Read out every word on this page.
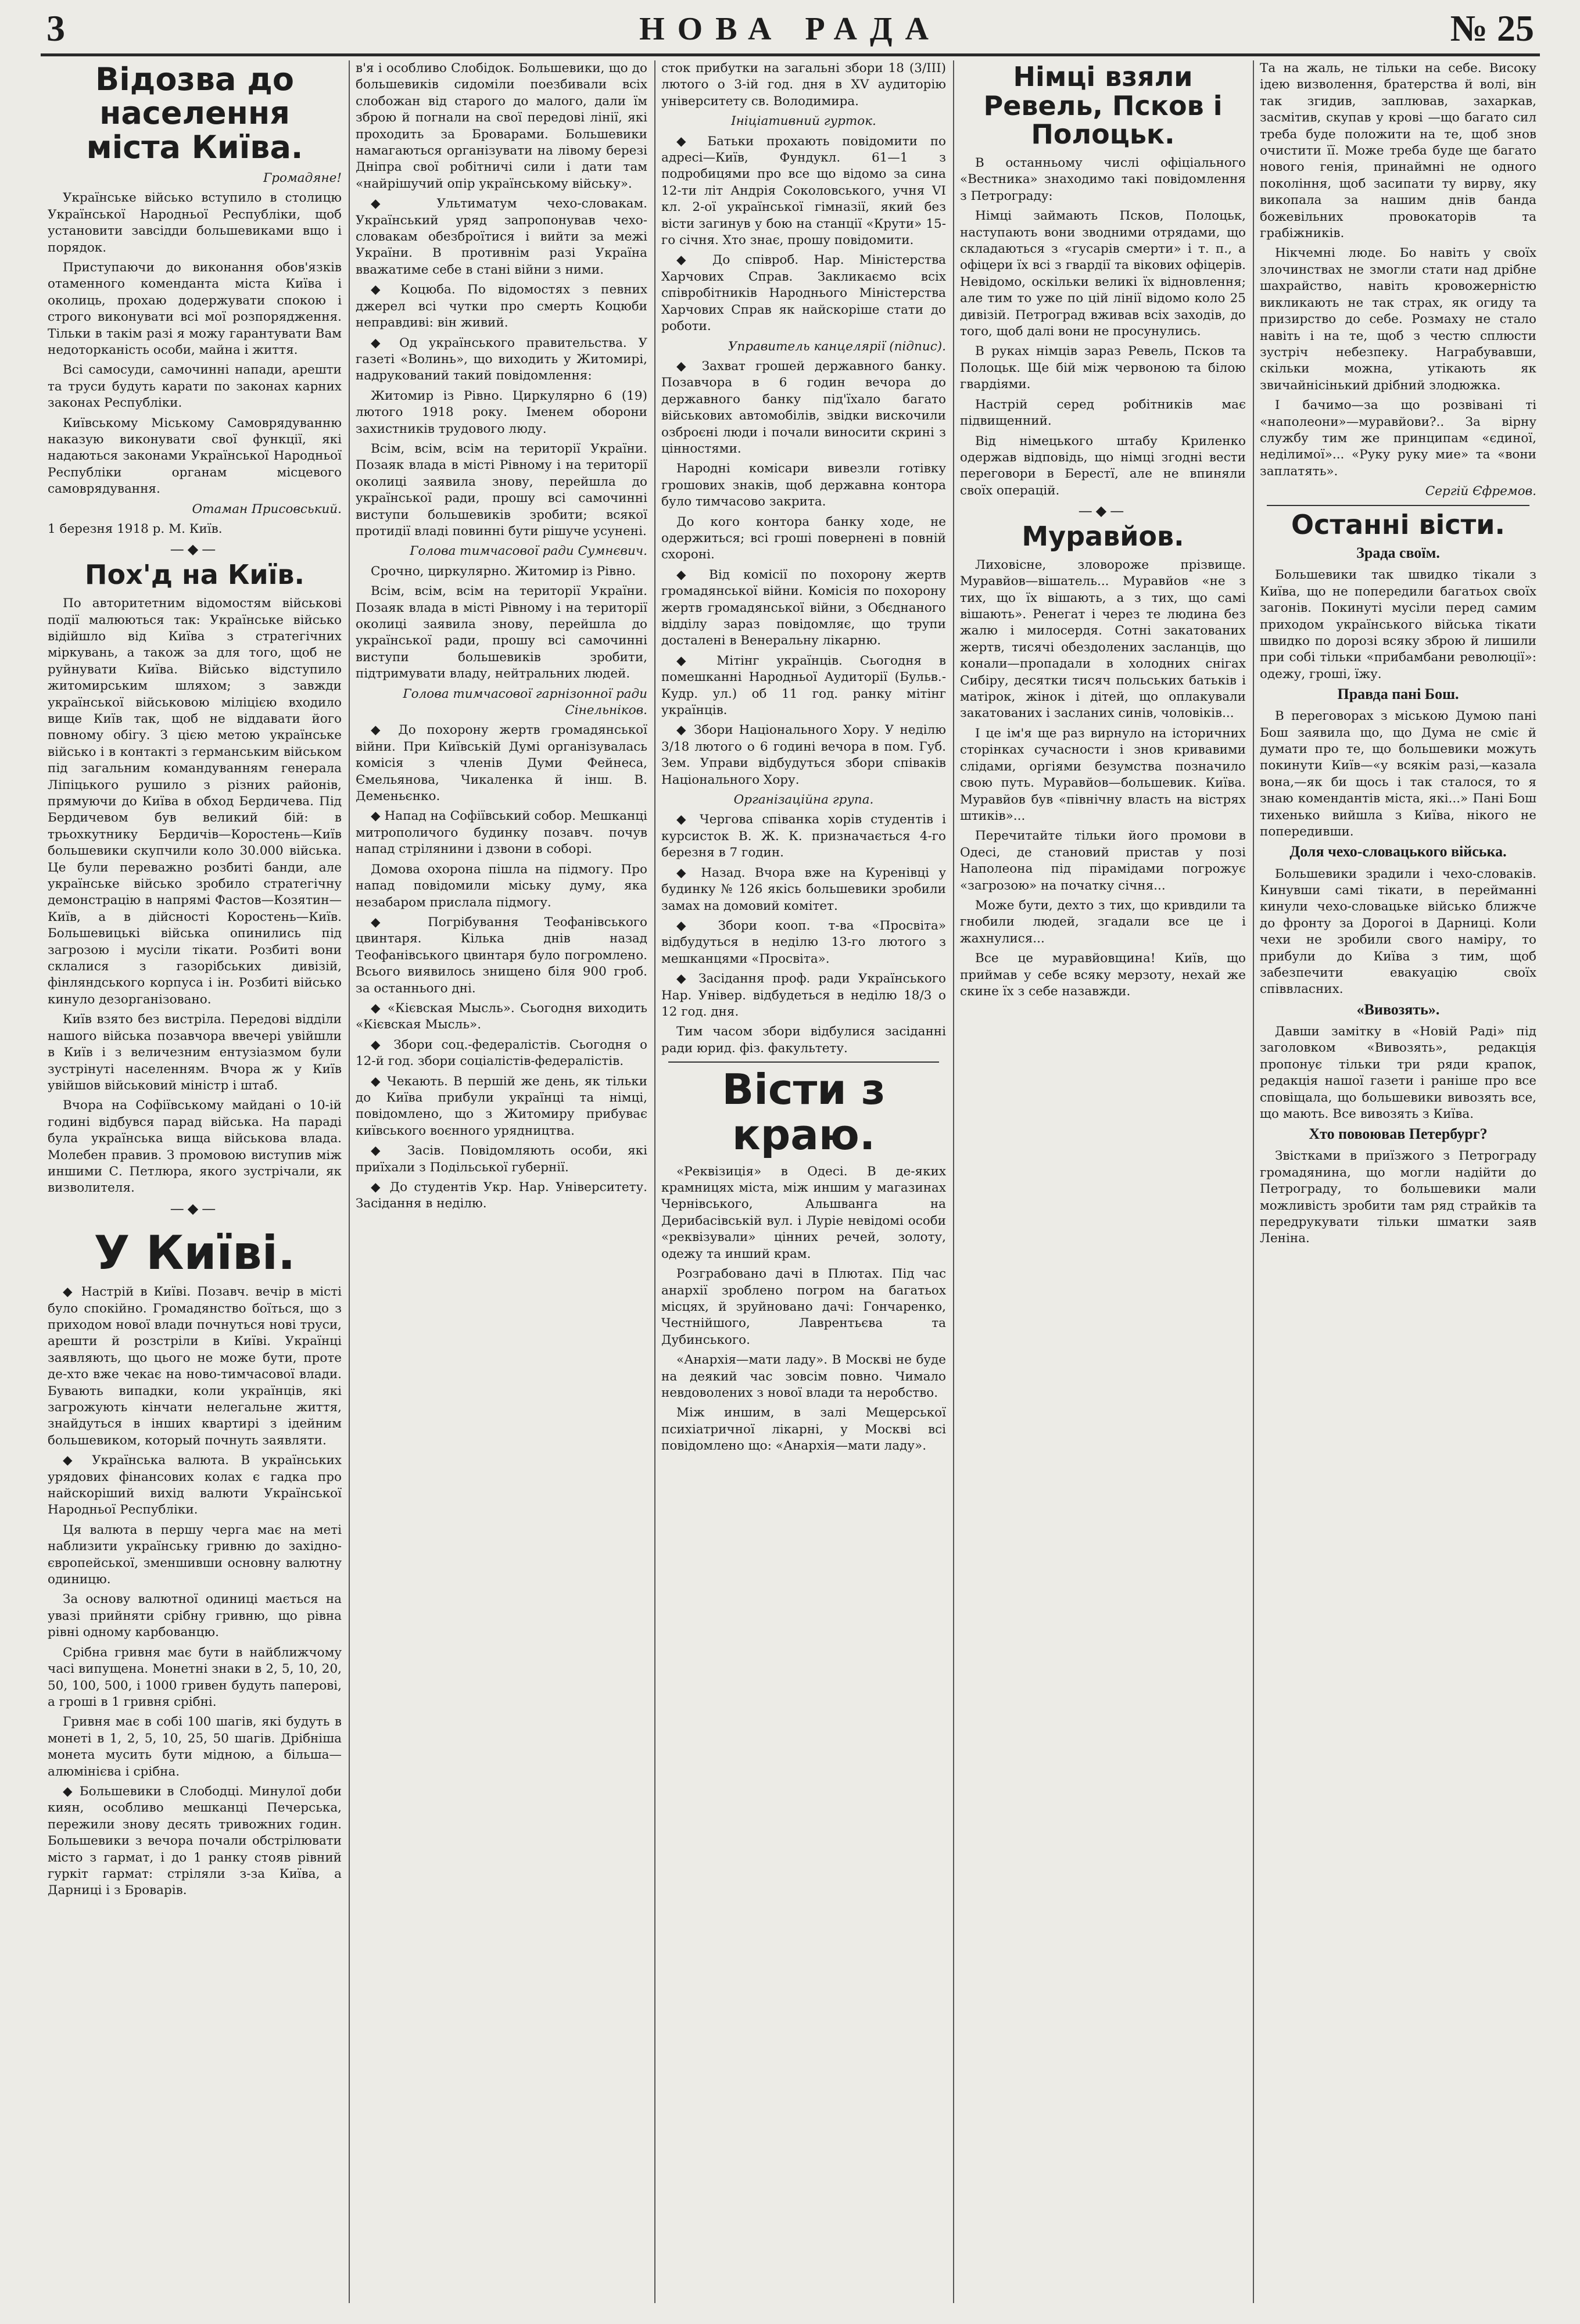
3	НОВА РАДА	№ 25
Відозва до населення міста Київа.

Громадяне!

Українське військо вступило в столицю Української Народньої Республіки, щоб установити завсідди большевиками вщо і порядок.

Приступаючи до виконання обов'язків отаменного коменданта міста Київа і околиць, прохаю додержувати спокою і строго виконувати всі мої розпорядження. Тільки в такім разі я можу гарантувати Вам недоторканість особи, майна і життя.

Всі самосуди, самочинні напади, арешти та труси будуть карати по законах карних законах Республіки.

Київському Міському Самоврядуванню наказую виконувати свої функції, які надаються законами Української Народньої Республіки органам місцевого самоврядування.

Отаман Присовський.

1 березня 1918 р. М. Київ.

—◆—
Пох'д на Київ.

По авторитетним відомостям військові події малюються так: Українське військо відійшло від Київа з стратегічних міркувань, а також за для того, щоб не руйнувати Київа. Військо відступило житомирським шляхом; з завжди української військовою міліцією входило вище Київ так, щоб не віддавати його повному обігу. З цією метою українське військо і в контакті з германським військом під загальним командуванням генерала Ліпіцького рушило з різних районів, прямуючи до Київа в обход Бердичева. Під Бердичевом був великий бій: в трьохкутнику Бердичів—Коростень—Київ большевики скупчили коло 30.000 війська. Це були переважно розбиті банди, але українське військо зробило стратегічну демонстрацію в напрямі Фастов—Козятин—Київ, а в дійсності Коростень—Київ. Большевицькі війська опинились під загрозою і мусіли тікати. Розбиті вони склалися з газорібських дивізій, фінляндського корпуса і ін. Розбиті військо кинуло дезорганізовано.

Київ взято без вистріла. Передові відділи нашого війська позавчора ввечері увійшли в Київ і з величезним ентузіазмом були зустрінуті населенням. Вчора ж у Київ увійшов військовий міністр і штаб.

Вчора на Софіївському майдані о 10-ій годині відбувся парад війська. На параді була українська вища військова влада. Молебен правив. З промовою виступив між иншими С. Петлюра, якого зустрічали, як визволителя.

—◆—
У Київі.

◆ Настрій в Київі. Позавч. вечір в місті було спокійно. Громадянство боїться, що з приходом нової влади почнуться нові труси, арешти й розстріли в Київі. Українці заявляють, що цього не може бути, проте де-хто вже чекає на ново-тимчасової влади. Бувають випадки, коли українців, які загрожують кінчати нелегальне життя, знайдуться в інших квартирі з ідейним большевиком, который почнуть заявляти.

◆ Українська валюта. В українських урядових фінансових колах є гадка про найскоріший вихід валюти Української Народньої Республіки.

Ця валюта в першу черга має на меті наблизити українську гривню до західно-європейської, зменшивши основну валютну одиницю.

За основу валютної одиниці мається на увазі прийняти срібну гривню, що рівна рівні одному карбованцю.

Срібна гривня має бути в найближчому часі випущена. Монетні знаки в 2, 5, 10, 20, 50, 100, 500, і 1000 гривен будуть паперові, а гроші в 1 гривня срібні.

Гривня має в собі 100 шагів, які будуть в монеті в 1, 2, 5, 10, 25, 50 шагів. Дрібніша монета мусить бути мідною, а більша—алюмінієва і срібна.

◆ Большевики в Слободці. Минулої доби киян, особливо мешканці Печерська, пережили знову десять тривожних годин. Большевики з вечора почали обстрілювати місто з гармат, і до 1 ранку стояв рівний гуркіт гармат: стріляли з-за Київа, а Дарниці і з Броварів.

в'я і особливо Слобідок. Большевики, що до большевиків сидоміли поезбивали всіх слобожан від старого до малого, дали їм зброю й погнали на свої передові лінії, які проходить за Броварами. Большевики намагаються організувати на лівому березі Дніпра свої робітничі сили і дати там «найрішучий опір українському війську».

◆ Ультиматум чехо-словакам. Український уряд запропонував чехо-словакам обезброїтися і вийти за межі України. В противнім разі Україна вважатиме себе в стані війни з ними.

◆ Коцюба. По відомостях з певних джерел всі чутки про смерть Коцюби неправдиві: він живий.

◆ Од українського правительства. У газеті «Волинь», що виходить у Житомирі, надрукований такий повідомлення:

Житомир із Рівно. Циркулярно 6 (19) лютого 1918 року. Іменем оборони захистників трудового люду.

Всім, всім, всім на території України. Позаяк влада в місті Рівному і на території околиці заявила знову, перейшла до української ради, прошу всі самочинні виступи большевиків зробити; всякої протидії владі повинні бути рішуче усунені.

Голова тимчасової ради Сумнєвич.

Срочно, циркулярно. Житомир із Рівно.

Всім, всім, всім на території України. Позаяк влада в місті Рівному і на території околиці заявила знову, перейшла до української ради, прошу всі самочинні виступи большевиків зробити, підтримувати владу, нейтральних людей.

Голова тимчасової гарнізонної ради Сінельніков.

◆ До похорону жертв громадянської війни. При Київській Думі організувалась комісія з членів Думи Фейнеса, Ємельянова, Чикаленка й інш. В. Деменьєнко.

◆ Напад на Софіївський собор. Мешканці митрополичого будинку позавч. почув напад стрілянини і дзвони в соборі.

Домова охорона пішла на підмогу. Про напад повідомили міську думу, яка незабаром прислала підмогу.

◆ Погрібування Теофанівського цвинтаря. Кілька днів назад Теофанівського цвинтаря було погромлено. Всього виявилось знищено біля 900 гроб. за останнього дні.

◆ «Кієвская Мысль». Сьогодня виходить «Кієвская Мысль».

◆ Збори соц.-федералістів. Сьогодня о 12-й год. збори соціалістів-федералістів.

◆ Чекають. В першій же день, як тільки до Київа прибули українці та німці, повідомлено, що з Житомиру прибуває київського воєнного урядництва.

◆ Засів. Повідомляють особи, які приїхали з Подільської губернії.

◆ До студентів Укр. Нар. Університету. Засідання в неділю.

сток прибутки на загальні збори 18 (3/III) лютого о 3-ій год. дня в XV аудиторію університету св. Володимира.

Ініціативний гурток.

◆ Батьки прохають повідомити по адресі—Київ, Фундукл. 61—1 з подробицями про все що відомо за сина 12-ти літ Андрія Соколовського, учня VI кл. 2-ої української гімназії, який без вісти загинув у бою на станції «Крути» 15-го січня. Хто знає, прошу повідомити.

◆ До співроб. Нар. Міністерства Харчових Справ. Закликаємо всіх співробітників Народнього Міністерства Харчових Справ як найскоріше стати до роботи.

Управитель канцелярії (підпис).

◆ Захват грошей державного банку. Позавчора в 6 годин вечора до державного банку під'їхало багато військових автомобілів, звідки вискочили озброєні люди і почали виносити скрині з цінностями.

Народні комісари вивезли готівку грошових знаків, щоб державна контора було тимчасово закрита.

До кого контора банку ходе, не одержиться; всі гроші повернені в повній схороні.

◆ Від комісії по похорону жертв громадянської війни. Комісія по похорону жертв громадянської війни, з Обєднаного відділу зараз повідомляє, що трупи досталені в Венеральну лікарню.

◆ Мітінг українців. Сьогодня в помешканні Народньої Аудиторії (Бульв.-Кудр. ул.) об 11 год. ранку мітінг українців.

◆ Збори Національного Хору. У неділю 3/18 лютого о 6 годині вечора в пом. Губ. Зем. Управи відбудуться збори співаків Національного Хору.

Організаційна група.

◆ Чергова співанка хорів студентів і курсисток В. Ж. К. призначається 4-го березня в 7 годин.

◆ Назад. Вчора вже на Куренівці у будинку № 126 якісь большевики зробили замах на домовий комітет.

◆ Збори кооп. т-ва «Просвіта» відбудуться в неділю 13-го лютого з мешканцями «Просвіта».

◆ Засідання проф. ради Українського Нар. Універ. відбудеться в неділю 18/3 о 12 год. дня.

Тим часом збори відбулися засіданні ради юрид. фіз. факультету.

Вісти з краю.

«Реквізиція» в Одесі. В де-яких крамницях міста, між иншим у магазинах Чернівського, Альшванга на Дерибасівській вул. і Луріе невідомі особи «реквізували» цінних речей, золоту, одежу та инший крам.

Розграбовано дачі в Плютах. Під час анархії зроблено погром на багатьох місцях, й зруйновано дачі: Гончаренко, Честнійшого, Лаврентьєва та Дубинського.

«Анархія—мати ладу». В Москві не буде на деякий час зовсім повно. Чимало невдоволених з нової влади та неробство.

Між иншим, в залі Мещерської психіатричної лікарні, у Москві всі повідомлено що: «Анархія—мати ладу».

Німці взяли Ревель, Псков і Полоцьк.

В останньому числі офіціального «Вестника» знаходимо такі повідомлення з Петрограду:

Німці займають Псков, Полоцьк, наступають вони зводними отрядами, що складаються з «гусарів смерти» і т. п., а офіцери їх всі з гвардії та вікових офіцерів. Невідомо, оскільки великі їх відновлення; але тим то уже по цій лінії відомо коло 25 дивізій. Петроград вживав всіх заходів, до того, щоб далі вони не просунулись.

В руках німців зараз Ревель, Псков та Полоцьк. Ще бій між червоною та білою гвардіями.

Настрій серед робітників має підвищенний.

Від німецького штабу Криленко одержав відповідь, що німці згодні вести переговори в Берестї, але не впиняли своїх операцій.

—◆—
Муравйов.

Лиховісне, зловороже прізвище. Муравйов—вішатель... Муравйов «не з тих, що їх вішають, а з тих, що самі вішають». Ренегат і через те людина без жалю і милосердя. Сотні закатованих жертв, тисячі обездолених засланців, що конали—пропадали в холодних снігах Сибіру, десятки тисяч польських батьків і матірок, жінок і дітей, що оплакували закатованих і засланих синів, чоловіків...

І це ім'я ще раз вирнуло на історичних сторінках сучасности і знов кривавими слідами, оргіями безумства позначило свою путь. Муравйов—большевик. Київа. Муравйов був «північну власть на вістрях штиків»...

Перечитайте тільки його промови в Одесі, де становий пристав у позі Наполеона під пірамідами погрожує «загрозою» на початку січня...

Може бути, дехто з тих, що кривдили та гнобили людей, згадали все це і жахнулися...

Все це муравйовщина! Київ, що приймав у себе всяку мерзоту, нехай же скине їх з себе назавжди.

Та на жаль, не тільки на себе. Високу ідею визволення, братерства й волі, він так згидив, заплював, захаркав, засмітив, скупав у крові —що багато сил треба буде положити на те, щоб знов очистити її. Може треба буде ще багато нового генія, принаймні не одного покоління, щоб засипати ту вирву, яку викопала за нашим днів банда божевільних провокаторів та грабіжників.

Нікчемні люде. Бо навіть у своїх злочинствах не змогли стати над дрібне шахрайство, навіть кровожерністю викликають не так страх, як огиду та призирство до себе. Розмаху не стало навіть і на те, щоб з честю сплюсти зустріч небезпеку. Награбувавши, скільки можна, утікають як звичайнісінький дрібний злодюжка.

І бачимо—за що розвівані ті «наполеони»—муравйови?.. За вірну службу тим же принципам «єдиної, неділимої»... «Руку руку мие» та «вони заплатять».

Сергій Єфремов.

Останні вісти.
Зрада своїм.

Большевики так швидко тікали з Київа, що не попередили багатьох своїх загонів. Покинуті мусіли перед самим приходом українського війська тікати швидко по дорозі всяку зброю й лишили при собі тільки «прибамбани революції»: одежу, гроші, їжу.

Правда пані Бош.

В переговорах з міською Думою пані Бош заявила що, що Дума не сміє й думати про те, що большевики можуть покинути Київ—«у всякім разі,—казала вона,—як би щось і так сталося, то я знаю комендантів міста, які...» Пані Бош тихенько вийшла з Київа, нікого не попередивши.

Доля чехо-словацького війська.

Большевики зрадили і чехо-словаків. Кинувши самі тікати, в перейманні кинули чехо-словацьке військо ближче до фронту за Дорогоі в Дарниці. Коли чехи не зробили свого наміру, то прибули до Київа з тим, щоб забезпечити евакуацію своїх співвласних.

«Вивозять».

Давши замітку в «Новій Раді» під заголовком «Вивозять», редакція пропонує тільки три ряди крапок, редакція нашої газети і раніше про все сповіщала, що большевики вивозять все, що мають. Все вивозять з Київа.

Хто повоював Петербург?

Звістками в приїзжого з Петрограду громадянина, що могли надійти до Петрограду, то большевики мали можливість зробити там ряд страйків та передрукувати тільки шматки заяв Леніна.
